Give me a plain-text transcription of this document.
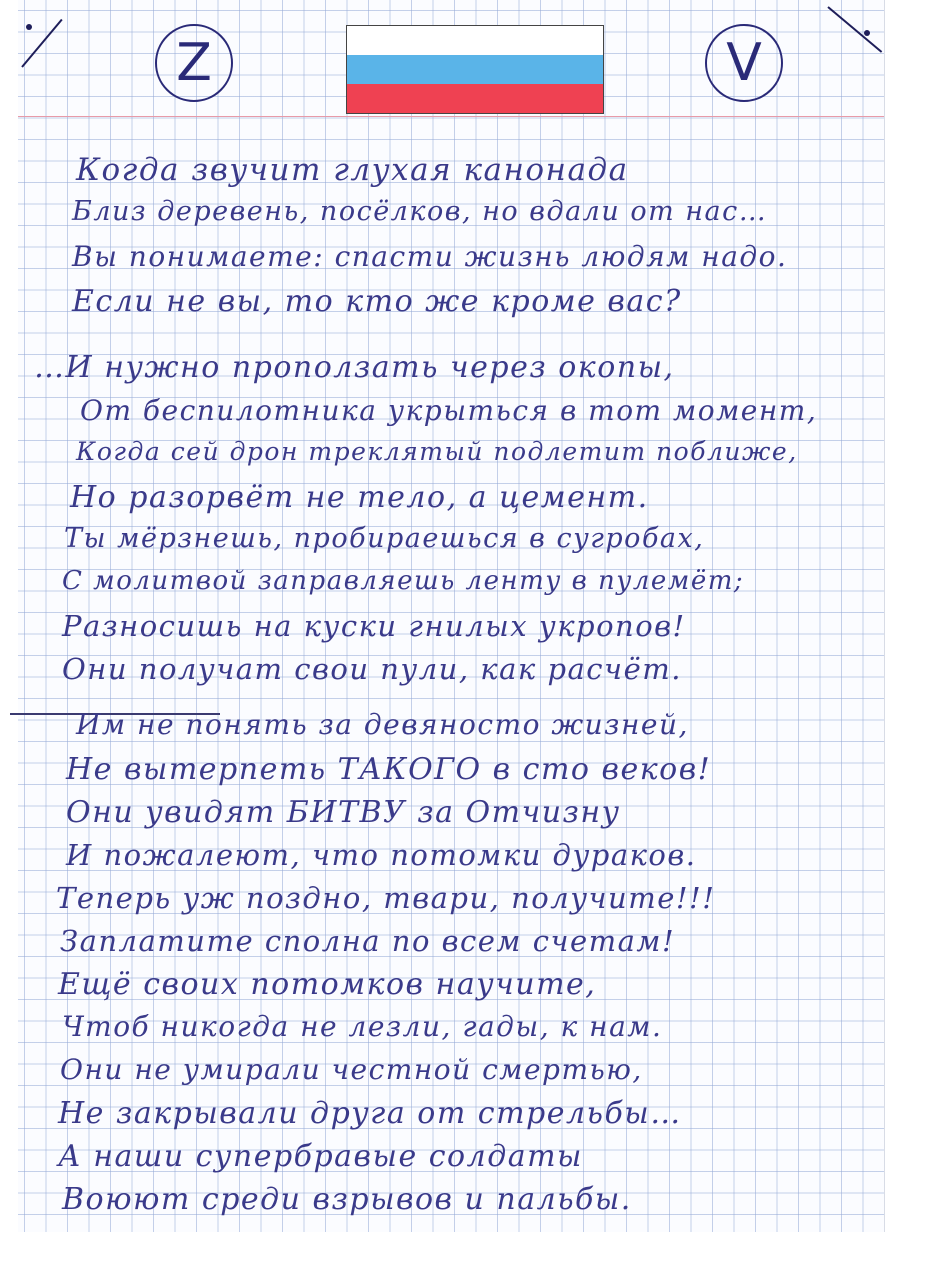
Z	V
Когда звучит глухая канонада
Близ деревень, посёлков, но вдали от нас…
Вы понимаете: спасти жизнь людям надо.
Если не вы, то кто же кроме вас?
…И нужно проползать через окопы,
От беспилотника укрыться в тот момент,
Когда сей дрон треклятый подлетит поближе,
Но разорвёт не тело, а цемент.
Ты мёрзнешь, пробираешься в сугробах,
С молитвой заправляешь ленту в пулемёт;
Разносишь на куски гнилых укропов!
Они получат свои пули, как расчёт.
Им не понять за девяносто жизней,
Не вытерпеть ТАКОГО в сто веков!
Они увидят БИТВУ за Отчизну
И пожалеют, что потомки дураков.
Теперь уж поздно, твари, получите!!!
Заплатите сполна по всем счетам!
Ещё своих потомков научите,
Чтоб никогда не лезли, гады, к нам.
Они не умирали честной смертью,
Не закрывали друга от стрельбы…
А наши супербравые солдаты
Воюют среди взрывов и пальбы.
